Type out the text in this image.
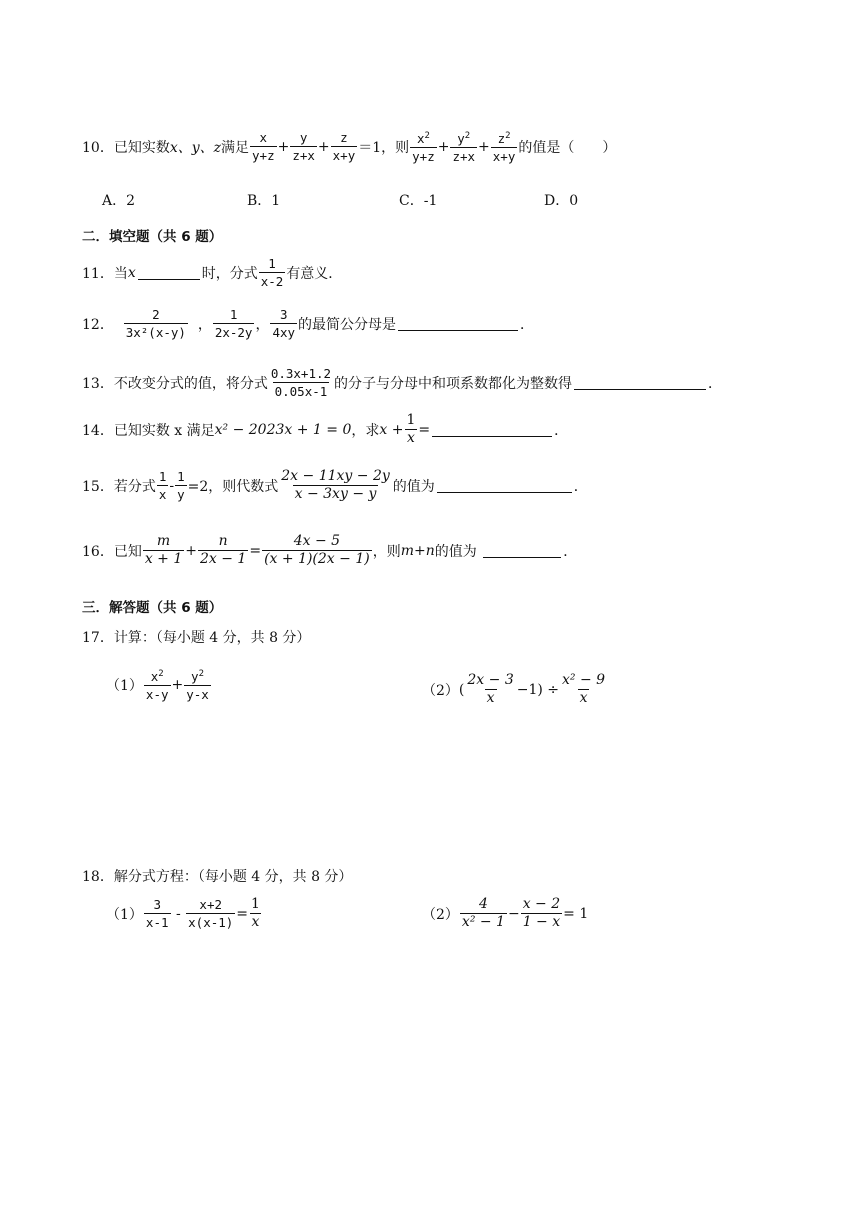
10．已知实数 x、y、z 满足 $\frac{x}{y+z} + \frac{y}{z+x} + \frac{z}{x+y} =1$，则 $\frac{x^2}{y+z} + \frac{y^2}{z+x} + \frac{z^2}{x+y}$ 的值是（　　）
A．2	B．1	C．-1	D．0
二．填空题（共 6 题）
11．当 x	时，分式 $\frac{1}{x-2}$ 有意义．
12． $\frac{2}{\text{3x²(x-y)}}$ ， $\frac{1}{2x-2y}$ ， $\frac{3}{4xy}$ 的最简公分母是	．
13．不改变分式的值，将分式 $\frac{0.3x+1.2}{0.05x-1}$ 的分子与分母中和项系数都化为整数得	．
14．已知实数 x 满足 x² − 2023x + 1 = 0 ，求 $x + \frac{1}{x}$ =	．
15．若分式 $\frac{1}{x} - \frac{1}{y} =2$，则代数式 $\frac{2x - 11xy - 2y}{x - 3xy - y}$ 的值为	．
16．已知 $\frac{m}{x + 1} + \frac{n}{2x - 1} = \frac{4x - 5}{(x + 1)(2x - 1)}$ ，则 m+n 的值为
	．
三．解答题（共 6 题）
17．计算：（每小题 4 分，共 8 分）
$(1) \frac{x^2}{x-y} + \frac{y^2}{y-x}$	（2） ( $\frac{2x - 3}{x} -1) \div \frac{\text{x² − 9}}{x}$
18．解分式方程：（每小题 4 分，共 8 分）
$(1) \frac{3}{x-1}$
-
$\frac{x+2}{x(x-1)} = \frac{1}{x}$	$(2) \frac{4}{\text{x² − 1}} - \frac{x - 2}{1 - x} = 1$
